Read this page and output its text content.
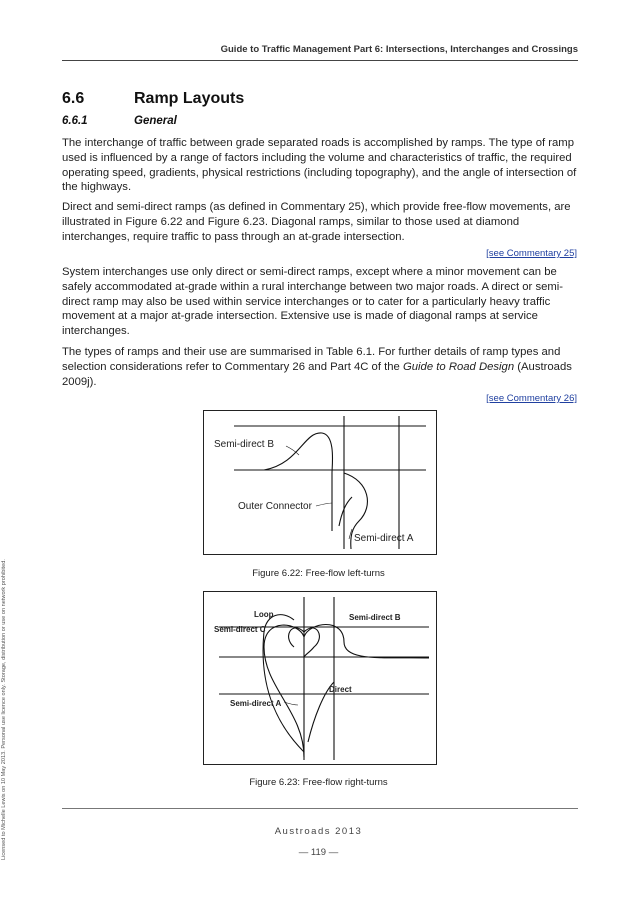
Guide to Traffic Management Part 6: Intersections, Interchanges and Crossings
6.6	Ramp Layouts
6.6.1	General

The interchange of traffic between grade separated roads is accomplished by ramps. The type of ramp used is influenced by a range of factors including the volume and characteristics of traffic, the required operating speed, gradients, physical restrictions (including topography), and the angle of intersection of the highways.

Direct and semi-direct ramps (as defined in Commentary 25), which provide free-flow movements, are illustrated in Figure 6.22 and Figure 6.23. Diagonal ramps, similar to those used at diamond interchanges, require traffic to pass through an at-grade intersection.

[see Commentary 25]

System interchanges use only direct or semi-direct ramps, except where a minor movement can be safely accommodated at-grade within a rural interchange between two major roads. A direct or semi-direct ramp may also be used within service interchanges or to cater for a particularly heavy traffic movement at a major at-grade intersection. Extensive use is made of diagonal ramps at service interchanges.

The types of ramps and their use are summarised in Table 6.1. For further details of ramp types and selection considerations refer to Commentary 26 and Part 4C of the Guide to Road Design (Austroads 2009j).

[see Commentary 26]
Semi-direct B
Outer Connector
Semi-direct A
Figure 6.22: Free-flow left-turns
Loop	Semi-direct B
Semi-direct C
Direct
Semi-direct A
Figure 6.23: Free-flow right-turns
Licensed to Michelle Lewis on 10 May 2013. Personal use licence only. Storage, distribution or use on network prohibited.	Austroads 2013
— 119 —
